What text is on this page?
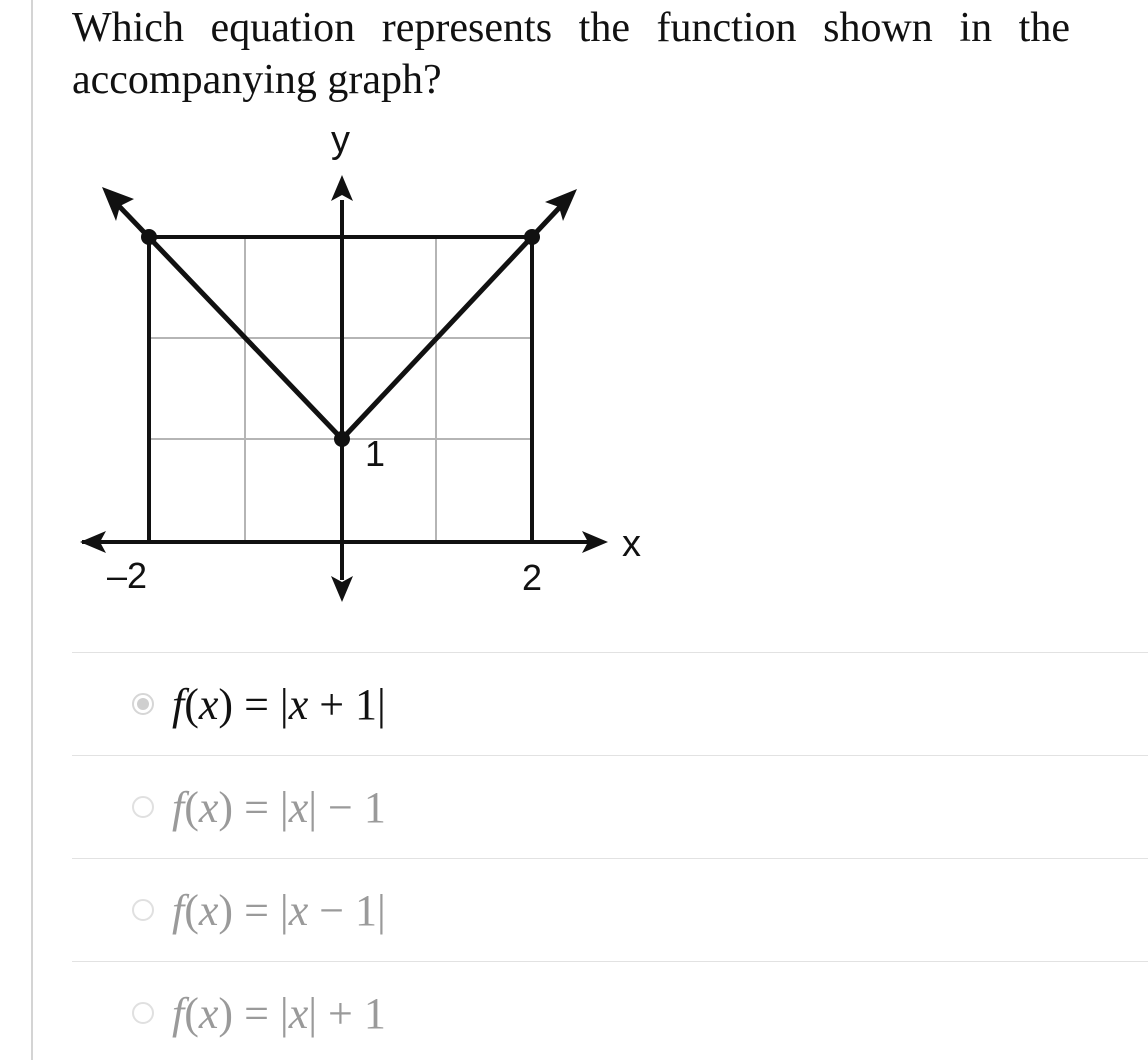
Which equation represents the function shown in the accompanying graph?

y
x
–2	2
1
f(x) = |x + 1|
f(x) = |x| − 1
f(x) = |x − 1|
f(x) = |x| + 1
